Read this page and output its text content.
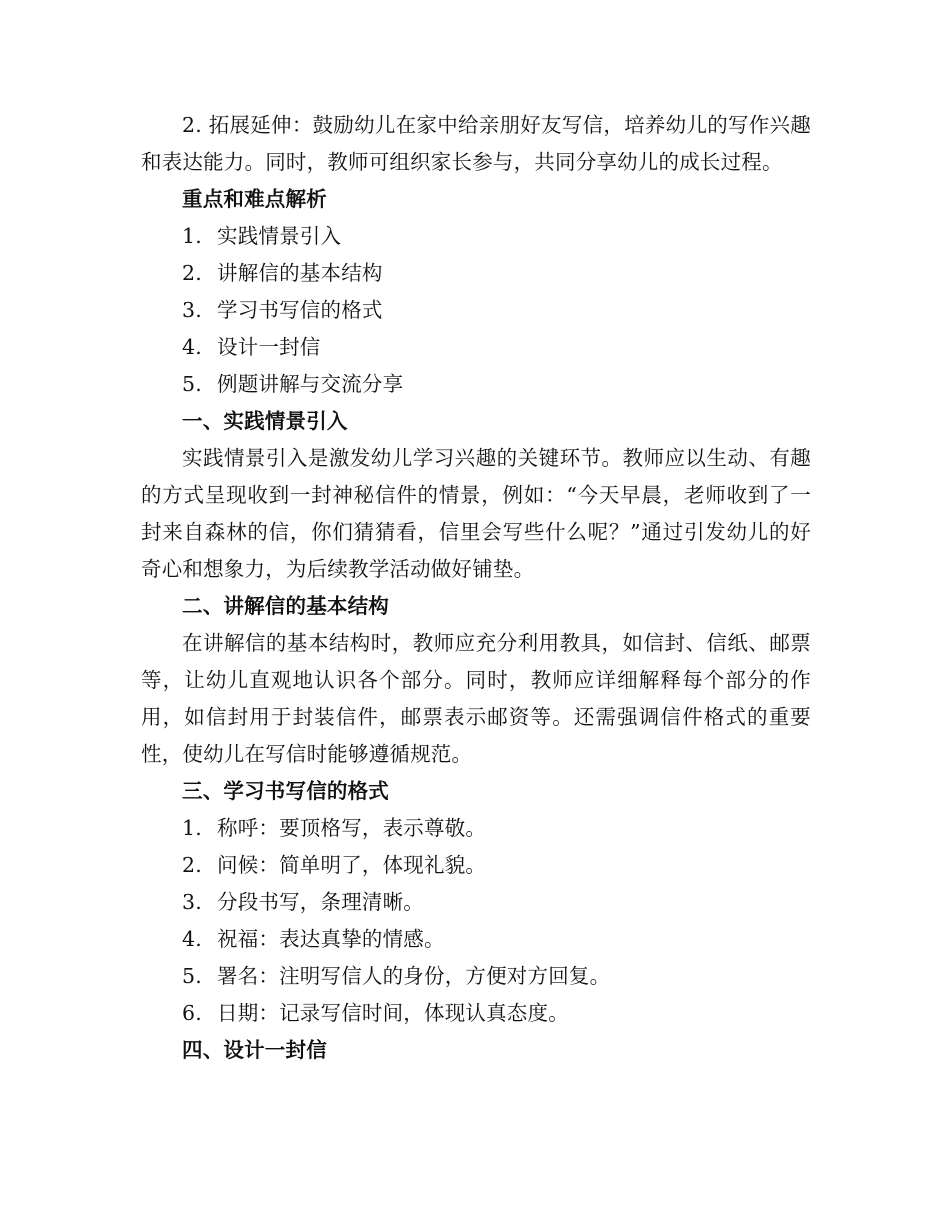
2. 拓展延伸：鼓励幼儿在家中给亲朋好友写信，培养幼儿的写作兴趣和表达能力。同时，教师可组织家长参与，共同分享幼儿的成长过程。

重点和难点解析

1. 实践情景引入

2. 讲解信的基本结构

3. 学习书写信的格式

4. 设计一封信

5. 例题讲解与交流分享

一、实践情景引入

实践情景引入是激发幼儿学习兴趣的关键环节。教师应以生动、有趣的方式呈现收到一封神秘信件的情景，例如：“今天早晨，老师收到了一封来自森林的信，你们猜猜看，信里会写些什么呢？”通过引发幼儿的好奇心和想象力，为后续教学活动做好铺垫。

二、讲解信的基本结构

在讲解信的基本结构时，教师应充分利用教具，如信封、信纸、邮票等，让幼儿直观地认识各个部分。同时，教师应详细解释每个部分的作用，如信封用于封装信件，邮票表示邮资等。还需强调信件格式的重要性，使幼儿在写信时能够遵循规范。

三、学习书写信的格式

1. 称呼：要顶格写，表示尊敬。

2. 问候：简单明了，体现礼貌。

3. 分段书写，条理清晰。

4. 祝福：表达真挚的情感。

5. 署名：注明写信人的身份，方便对方回复。

6. 日期：记录写信时间，体现认真态度。

四、设计一封信
